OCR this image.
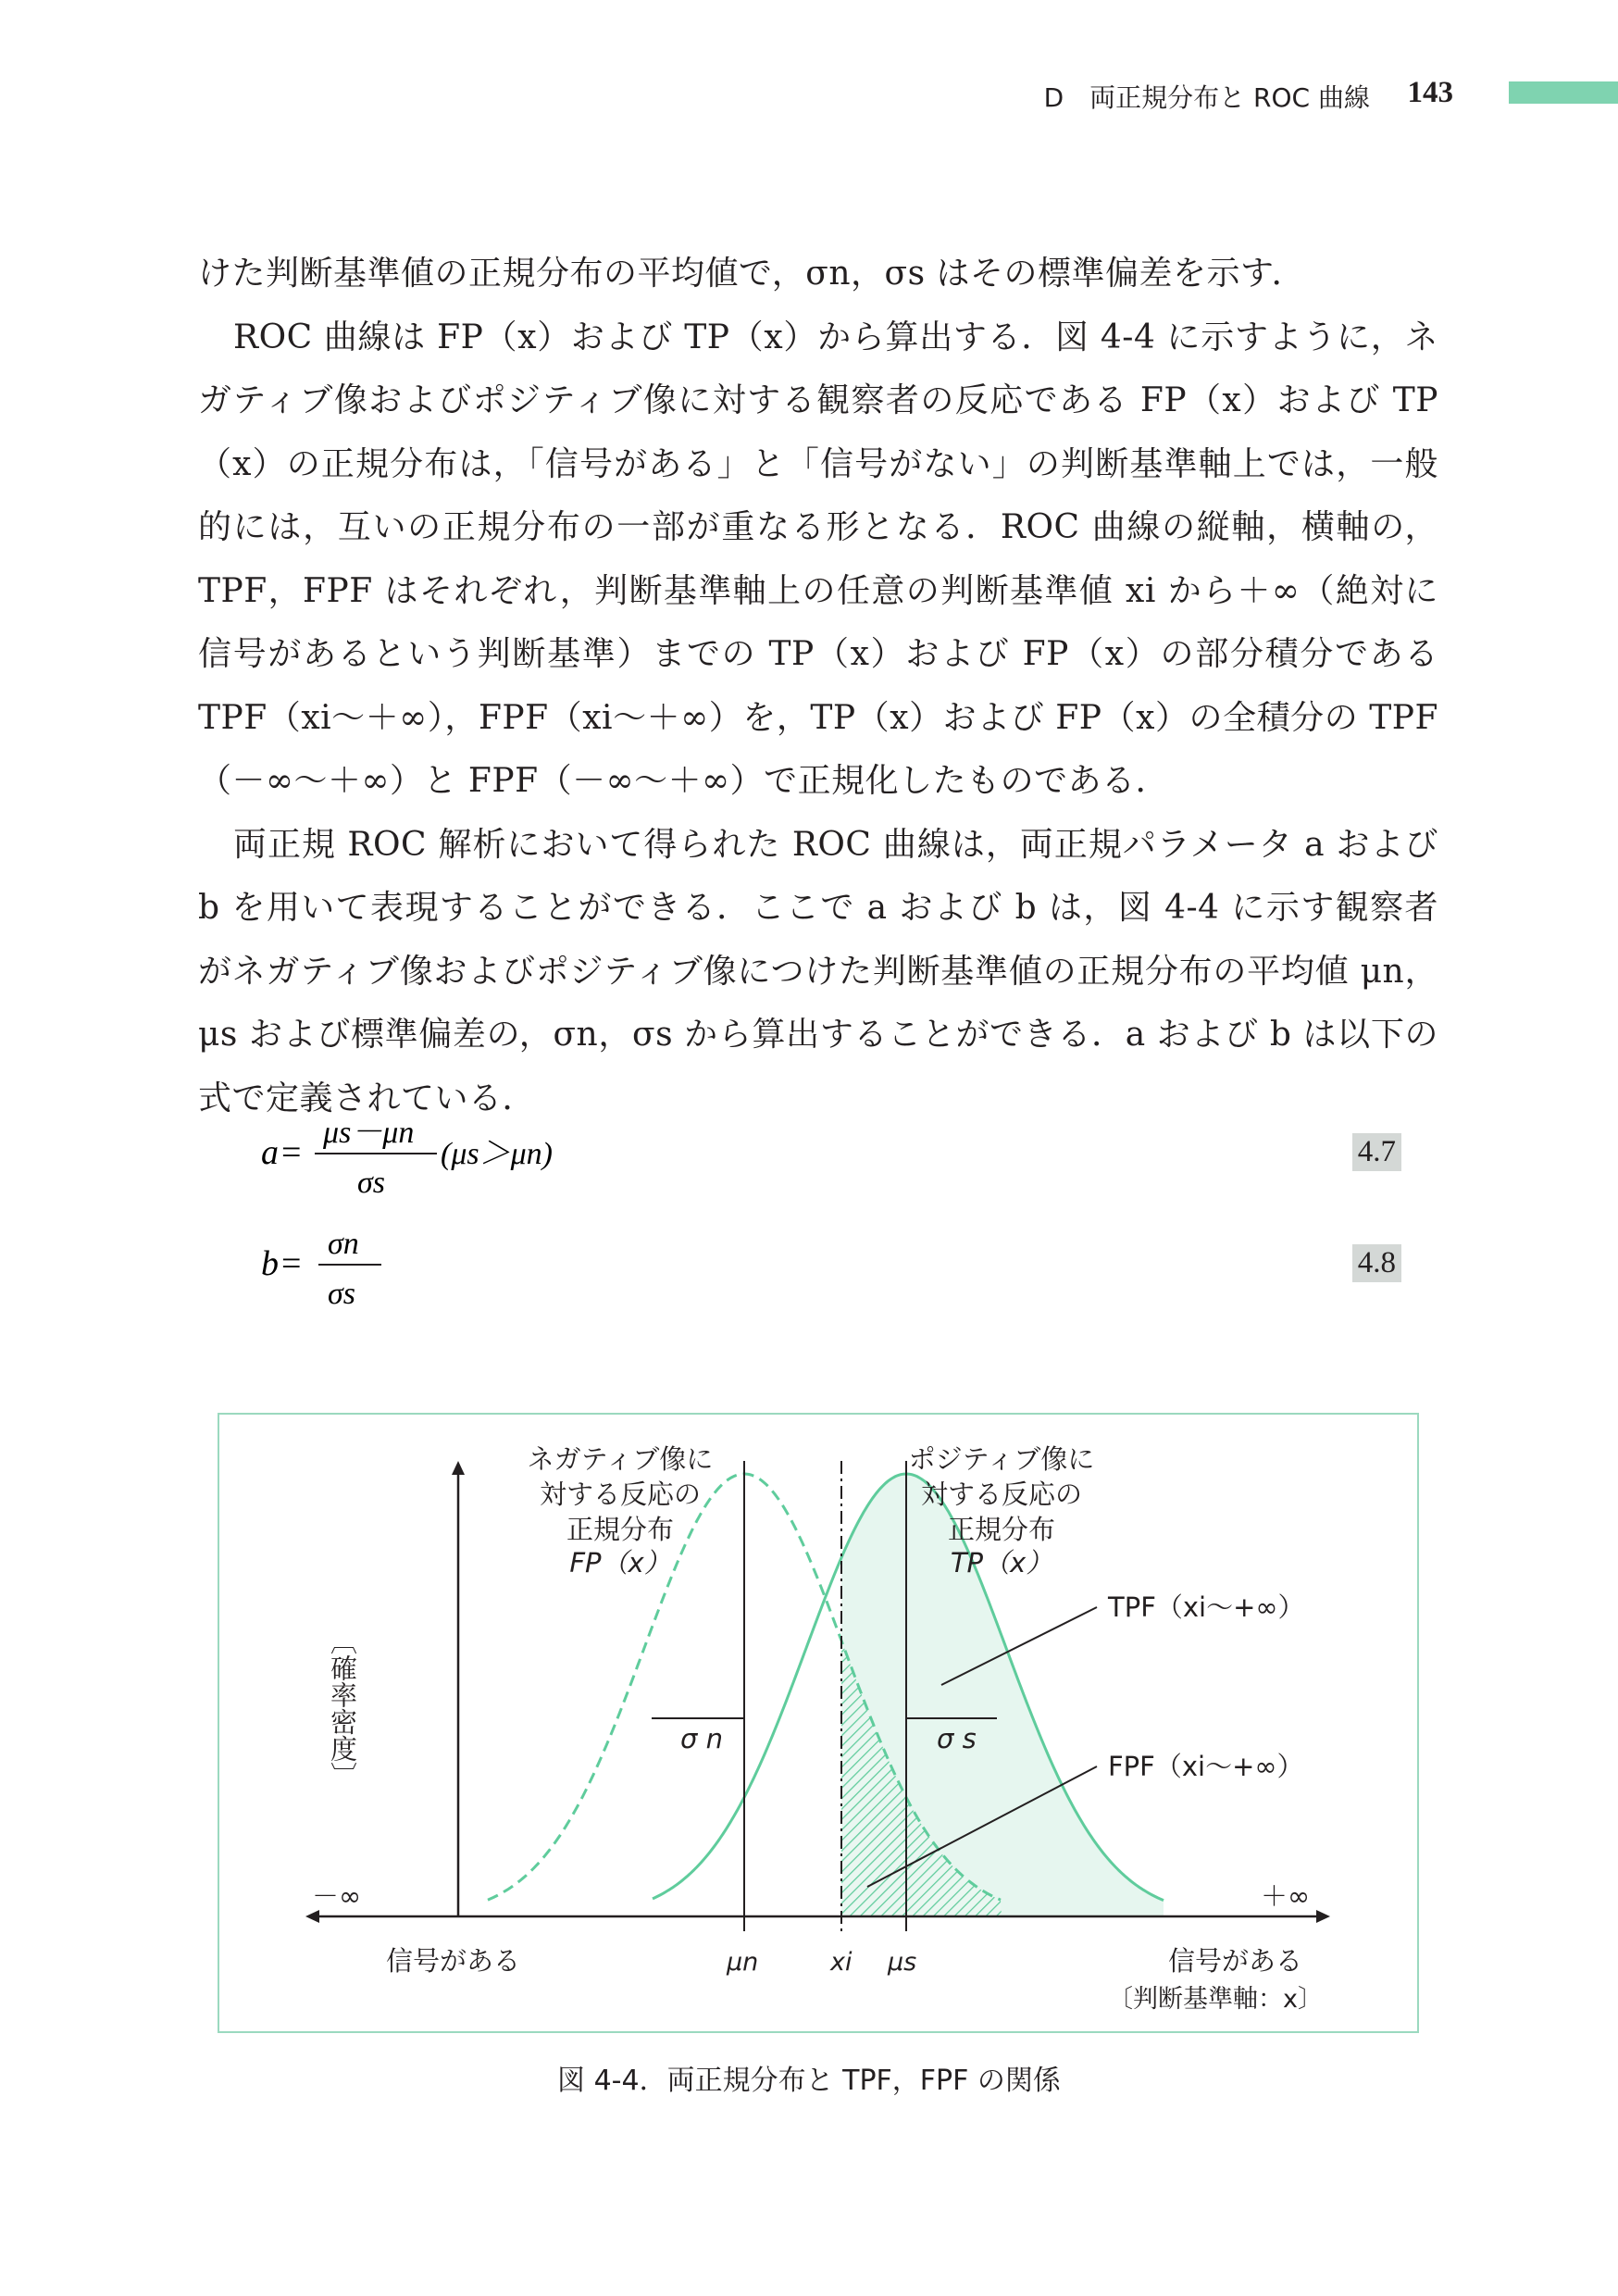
D　両正規分布と ROC 曲線 143

けた判断基準値の正規分布の平均値で，σn，σs はその標準偏差を示す．

ROC 曲線は FP（x）および TP（x）から算出する．図 4-4 に示すように，ネガティブ像およびポジティブ像に対する観察者の反応である FP（x）および TP（x）の正規分布は，「信号がある」と「信号がない」の判断基準軸上では，一般的には，互いの正規分布の一部が重なる形となる．ROC 曲線の縦軸，横軸の，TPF，FPF はそれぞれ，判断基準軸上の任意の判断基準値 xi から＋∞（絶対に信号があるという判断基準）までの TP（x）および FP（x）の部分積分である TPF（xi～＋∞），FPF（xi～＋∞）を，TP（x）および FP（x）の全積分の TPF（－∞～＋∞）と FPF（－∞～＋∞）で正規化したものである．

両正規 ROC 解析において得られた ROC 曲線は，両正規パラメータ a および b を用いて表現することができる．ここで a および b は，図 4-4 に示す観察者がネガティブ像およびポジティブ像につけた判断基準値の正規分布の平均値 μn，μs および標準偏差の，σn，σs から算出することができる．a および b は以下の式で定義されている．

a =
μs－μn
σs
(μs＞μn)	4.7
b =
σn
σs
4.8
ネガティブ像に
対する反応の
正規分布
FP（x）
ポジティブ像に
対する反応の
正規分布
TP（x）
TPF（xi～+∞）
FPF（xi～+∞）
σ n	σ s
－∞	＋∞
信号がある	信号がある
〔判断基準軸：x〕
μn	μs
xi
〔確率密度〕
図 4-4．両正規分布と TPF，FPF の関係
